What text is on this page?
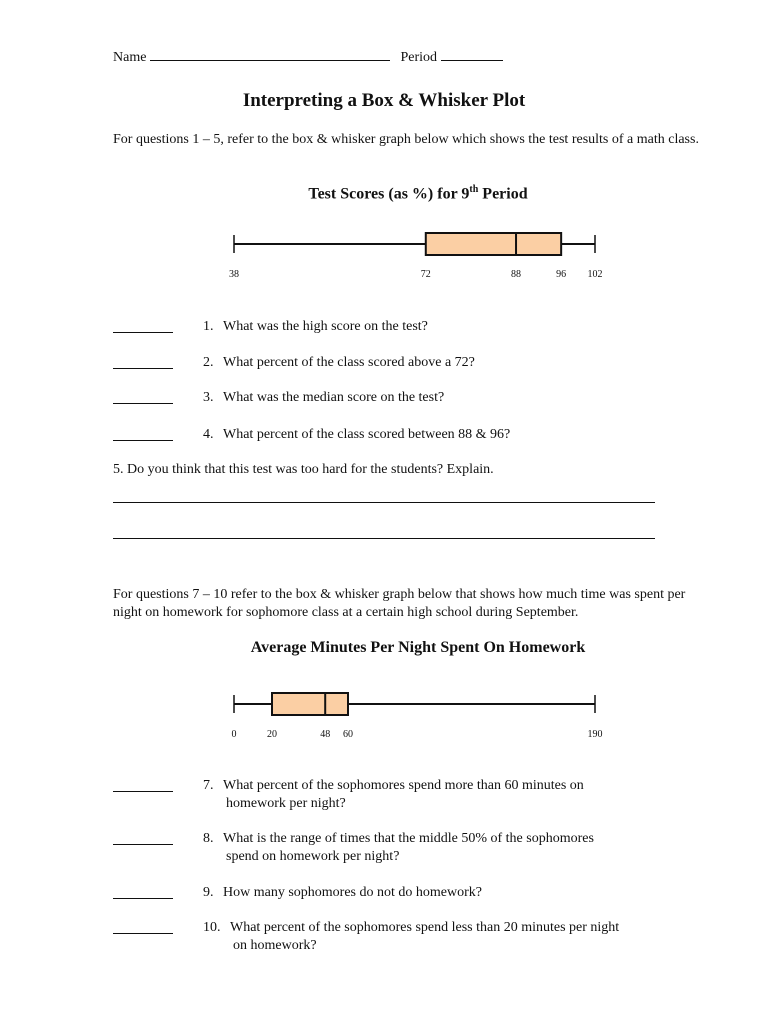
Name	Period
Interpreting a Box & Whisker Plot
For questions 1 – 5, refer to the box & whisker graph below which shows the test results of a math class.
Test Scores (as %) for 9th Period
38	72	88	96 102
1. What was the high score on the test?
2. What percent of the class scored above a 72?
3. What was the median score on the test?
4. What percent of the class scored between 88 & 96?
5. Do you think that this test was too hard for the students? Explain.
For questions 7 – 10 refer to the box & whisker graph below that shows how much time was spent per night on homework for sophomore class at a certain high school during September.
Average Minutes Per Night Spent On Homework
0	20	48 60	190
7. What percent of the sophomores spend more than 60 minutes on
homework per night?
8. What is the range of times that the middle 50% of the sophomores
spend on homework per night?
9. How many sophomores do not do homework?
10. What percent of the sophomores spend less than 20 minutes per night
on homework?
